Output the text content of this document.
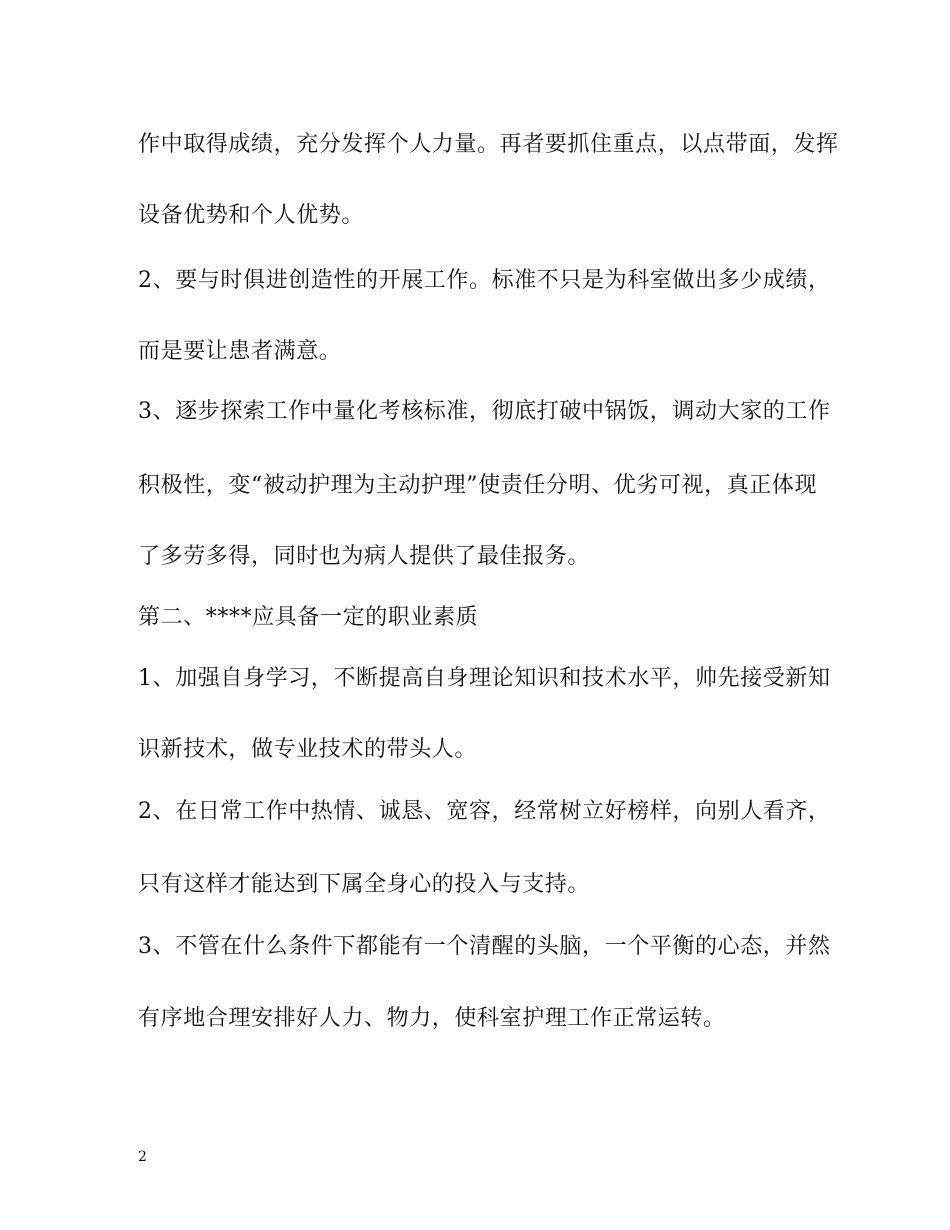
作中取得成绩，充分发挥个人力量。再者要抓住重点，以点带面，发挥
设备优势和个人优势。
2、要与时俱进创造性的开展工作。标准不只是为科室做出多少成绩，
而是要让患者满意。
3、逐步探索工作中量化考核标准，彻底打破中锅饭，调动大家的工作
积极性，变“被动护理为主动护理”使责任分明、优劣可视，真正体现
了多劳多得，同时也为病人提供了最佳报务。
第二、****应具备一定的职业素质
1、加强自身学习，不断提高自身理论知识和技术水平，帅先接受新知
识新技术，做专业技术的带头人。
2、在日常工作中热情、诚恳、宽容，经常树立好榜样，向别人看齐，
只有这样才能达到下属全身心的投入与支持。
3、不管在什么条件下都能有一个清醒的头脑，一个平衡的心态，并然
有序地合理安排好人力、物力，使科室护理工作正常运转。
2
